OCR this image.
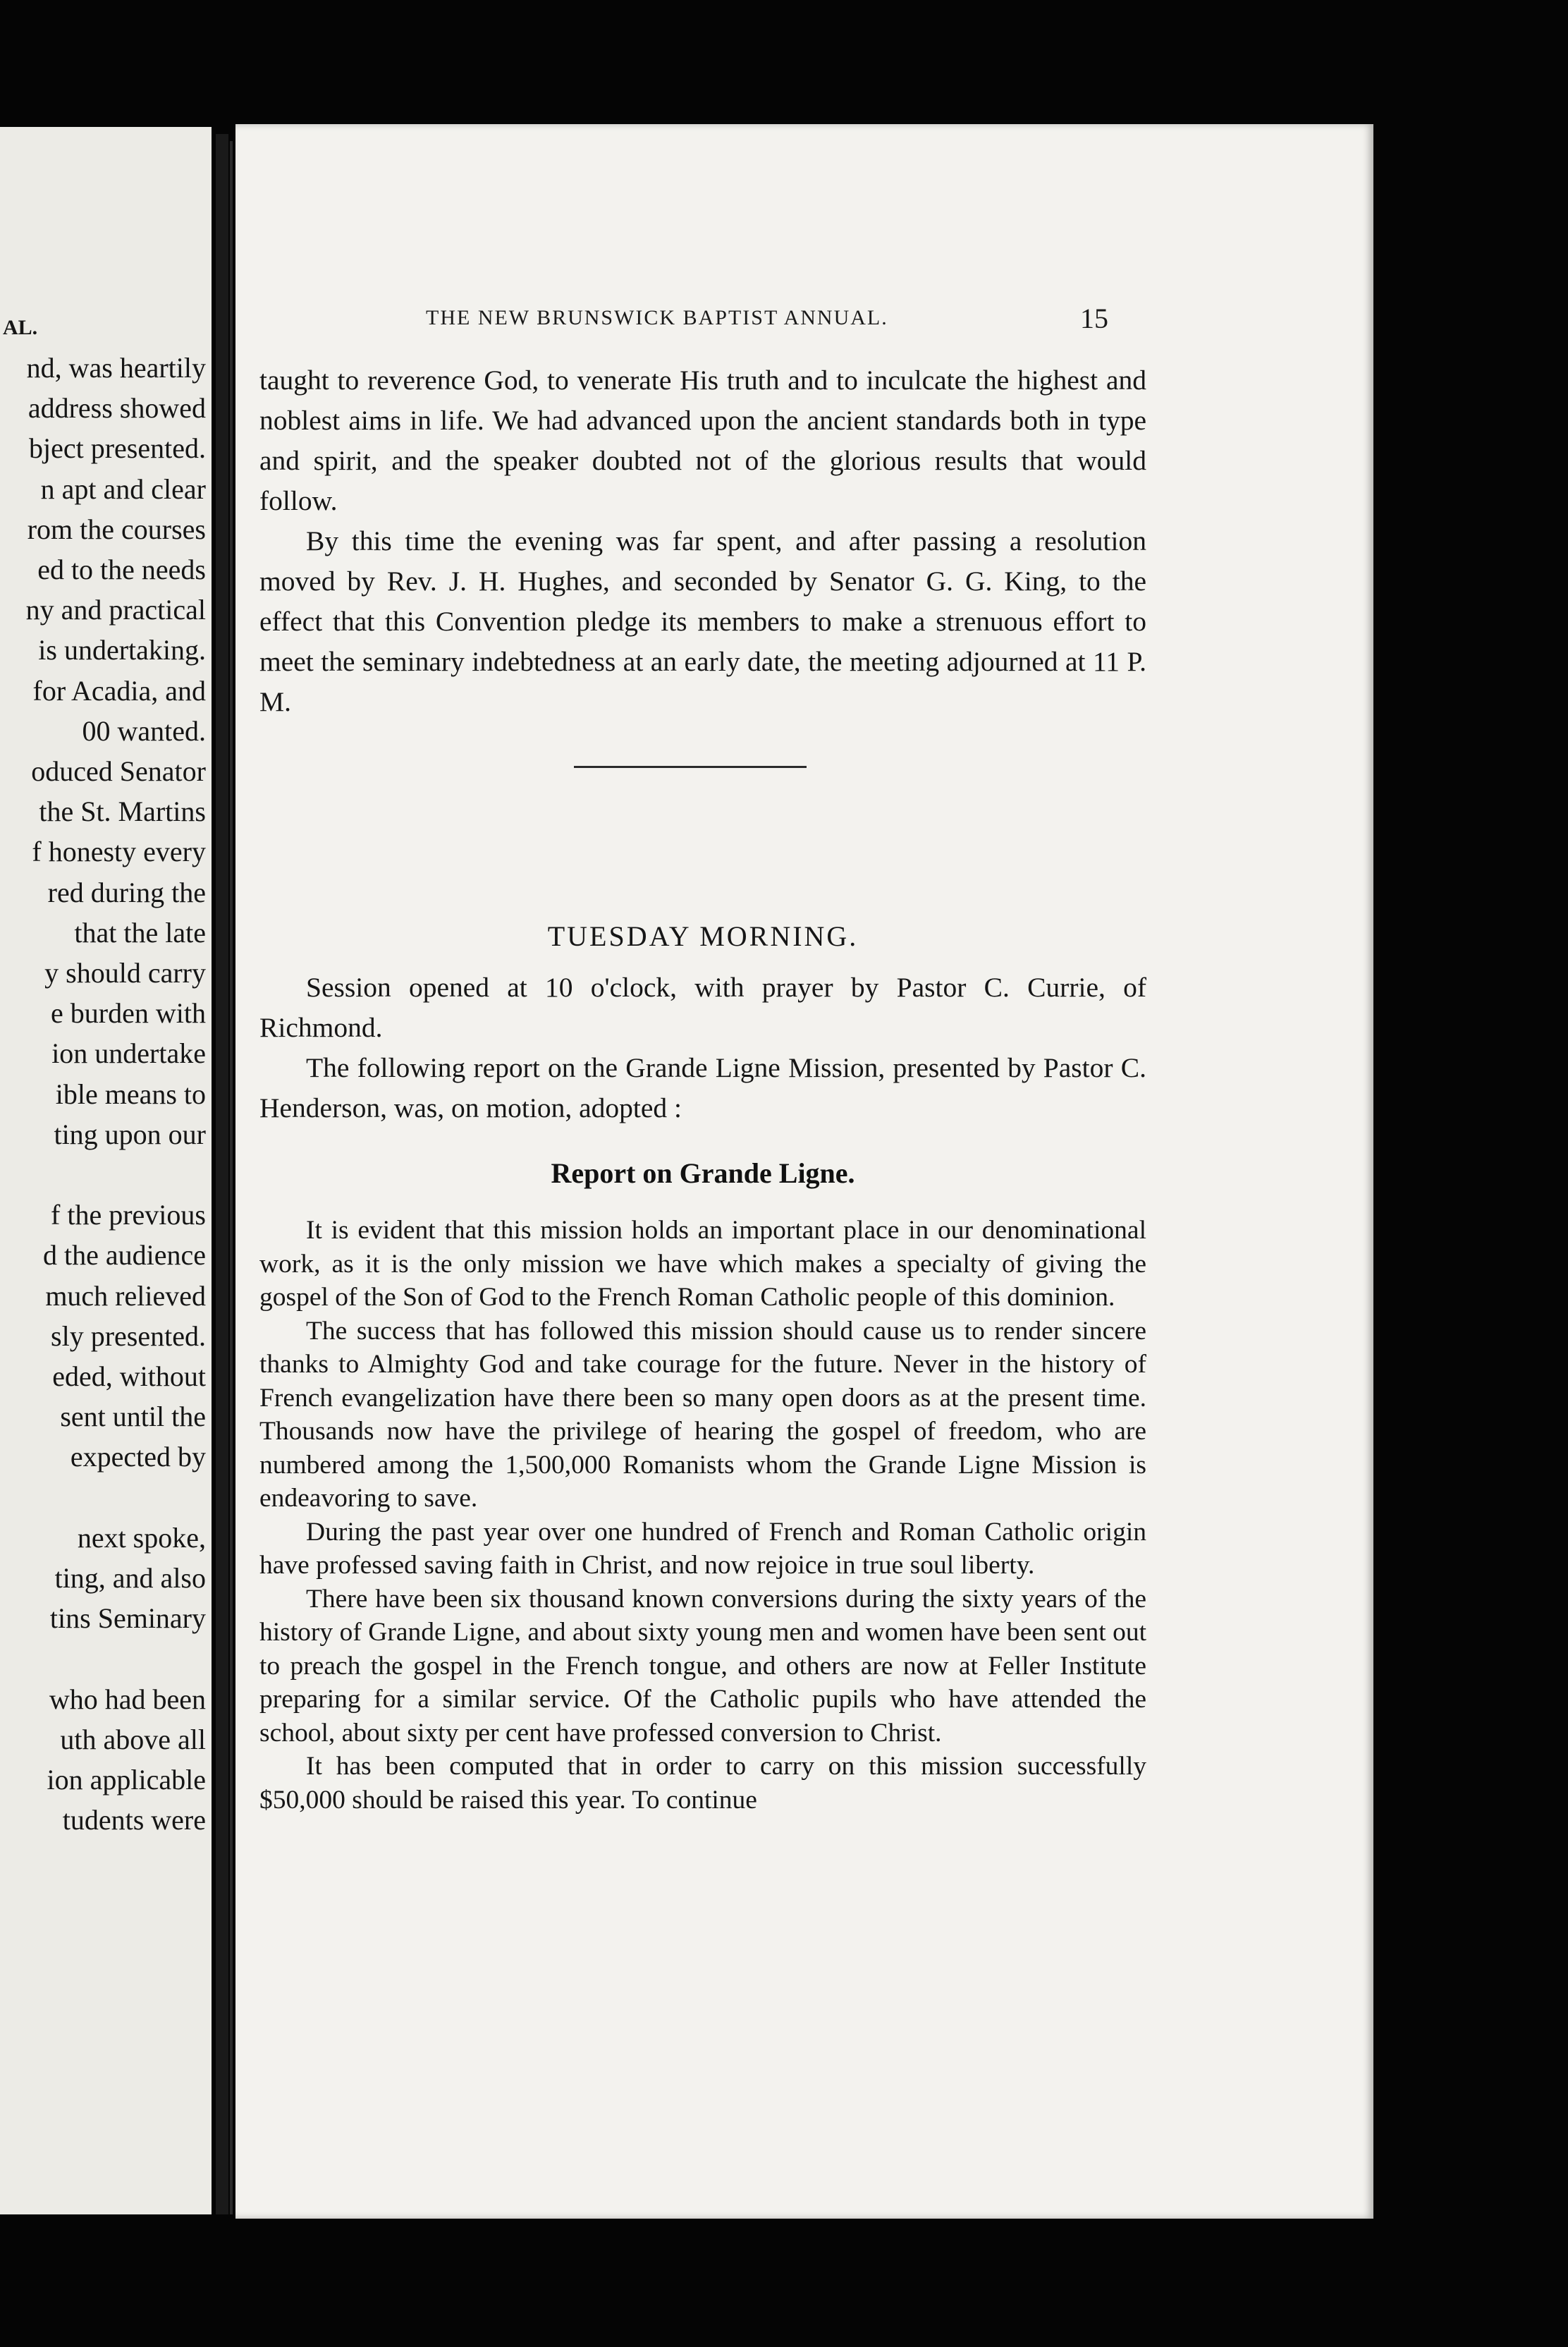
AL.
nd, was heartily
address showed
bject presented.
n apt and clear
rom the courses
ed to the needs
ny and practical
is undertaking.
for Acadia, and
00 wanted.
oduced Senator
the St. Martins
f honesty every
red during the
that the late
y should carry
e burden with
ion undertake
ible means to
ting upon our
f the previous
d the audience
much relieved
sly presented.
eded, without
sent until the
expected by
next spoke,
ting, and also
tins Seminary
who had been
uth above all
ion applicable
tudents were
THE NEW BRUNSWICK BAPTIST ANNUAL.	15

taught to reverence God, to venerate His truth and to inculcate the highest and noblest aims in life. We had advanced upon the ancient standards both in type and spirit, and the speaker doubted not of the glorious results that would follow.

By this time the evening was far spent, and after passing a resolution moved by Rev. J. H. Hughes, and seconded by Senator G. G. King, to the effect that this Convention pledge its members to make a strenuous effort to meet the seminary indebtedness at an early date, the meeting adjourned at 11 P. M.

TUESDAY MORNING.

Session opened at 10 o'clock, with prayer by Pastor C. Currie, of Richmond.

The following report on the Grande Ligne Mission, presented by Pastor C. Henderson, was, on motion, adopted :

Report on Grande Ligne.

It is evident that this mission holds an important place in our denominational work, as it is the only mission we have which makes a specialty of giving the gospel of the Son of God to the French Roman Catholic people of this dominion.

The success that has followed this mission should cause us to render sincere thanks to Almighty God and take courage for the future. Never in the history of French evangelization have there been so many open doors as at the present time. Thousands now have the privilege of hearing the gospel of freedom, who are numbered among the 1,500,000 Romanists whom the Grande Ligne Mission is endeavoring to save.

During the past year over one hundred of French and Roman Catholic origin have professed saving faith in Christ, and now rejoice in true soul liberty.

There have been six thousand known conversions during the sixty years of the history of Grande Ligne, and about sixty young men and women have been sent out to preach the gospel in the French tongue, and others are now at Feller Institute preparing for a similar service. Of the Catholic pupils who have attended the school, about sixty per cent have professed conversion to Christ.

It has been computed that in order to carry on this mission successfully $50,000 should be raised this year. To continue
